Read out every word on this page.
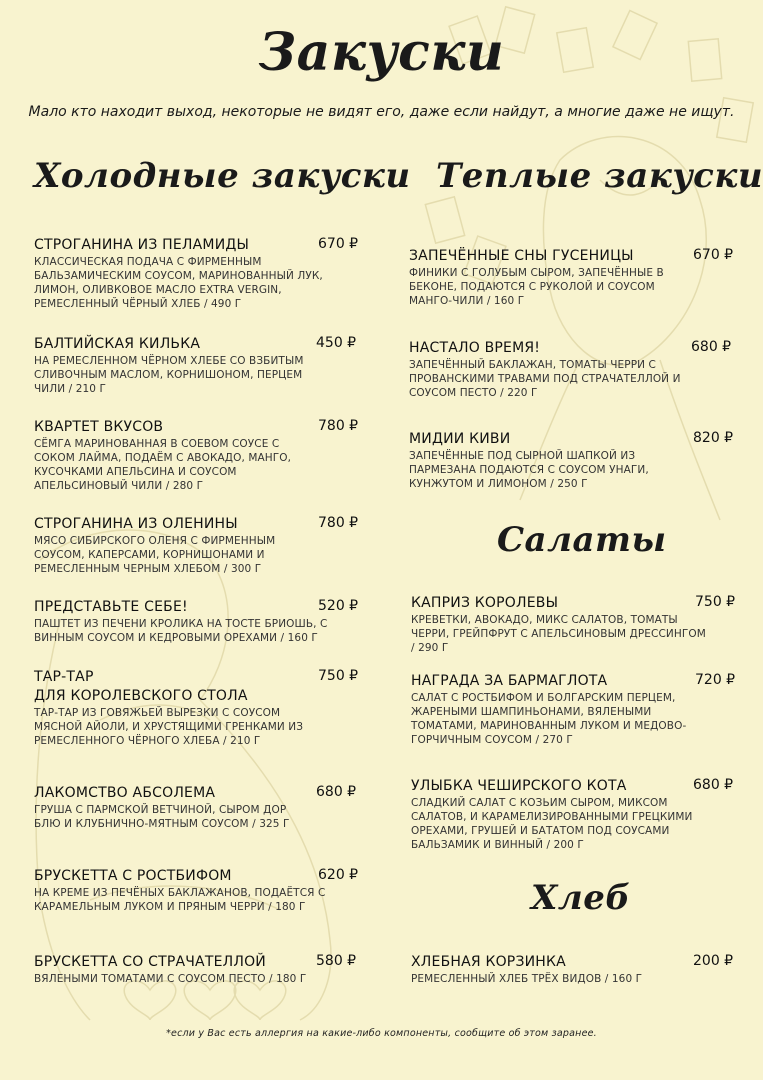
Закуски
Мало кто находит выход, некоторые не видят его, даже если найдут, а многие даже не ищут.
Холодные закуски
СТРОГАНИНА ИЗ ПЕЛАМИДЫ
КЛАССИЧЕСКАЯ ПОДАЧА С ФИРМЕННЫМ БАЛЬЗАМИЧЕСКИМ СОУСОМ, МАРИНОВАННЫЙ ЛУК, ЛИМОН, ОЛИВКОВОЕ МАСЛО EXTRA VERGIN, РЕМЕСЛЕННЫЙ ЧЁРНЫЙ ХЛЕБ / 490 Г
670 ₽
БАЛТИЙСКАЯ КИЛЬКА
НА РЕМЕСЛЕННОМ ЧЁРНОМ ХЛЕБЕ СО ВЗБИТЫМ СЛИВОЧНЫМ МАСЛОМ, КОРНИШОНОМ, ПЕРЦЕМ ЧИЛИ / 210 Г
450 ₽
КВАРТЕТ ВКУСОВ
СЁМГА МАРИНОВАННАЯ В СОЕВОМ СОУСЕ С СОКОМ ЛАЙМА, ПОДАЁМ С АВОКАДО, МАНГО, КУСОЧКАМИ АПЕЛЬСИНА И СОУСОМ АПЕЛЬСИНОВЫЙ ЧИЛИ / 280 Г
780 ₽
СТРОГАНИНА ИЗ ОЛЕНИНЫ
МЯСО СИБИРСКОГО ОЛЕНЯ С ФИРМЕННЫМ СОУСОМ, КАПЕРСАМИ, КОРНИШОНАМИ И РЕМЕСЛЕННЫМ ЧЕРНЫМ ХЛЕБОМ / 300 Г
780 ₽
ПРЕДСТАВЬТЕ СЕБЕ!
ПАШТЕТ ИЗ ПЕЧЕНИ КРОЛИКА НА ТОСТЕ БРИОШЬ, С ВИННЫМ СОУСОМ И КЕДРОВЫМИ ОРЕХАМИ / 160 Г
520 ₽
ТАР-ТАР
ДЛЯ КОРОЛЕВСКОГО СТОЛА
ТАР-ТАР ИЗ ГОВЯЖЬЕЙ ВЫРЕЗКИ С СОУСОМ МЯСНОЙ АЙОЛИ, И ХРУСТЯЩИМИ ГРЕНКАМИ ИЗ РЕМЕСЛЕННОГО ЧЁРНОГО ХЛЕБА / 210 Г
750 ₽
ЛАКОМСТВО АБСОЛЕМА
ГРУША С ПАРМСКОЙ ВЕТЧИНОЙ, СЫРОМ ДОР БЛЮ И КЛУБНИЧНО-МЯТНЫМ СОУСОМ / 325 Г
680 ₽
БРУСКЕТТА С РОСТБИФОМ
НА КРЕМЕ ИЗ ПЕЧЁНЫХ БАКЛАЖАНОВ, ПОДАЁТСЯ С КАРАМЕЛЬНЫМ ЛУКОМ И ПРЯНЫМ ЧЕРРИ / 180 Г
620 ₽
БРУСКЕТТА СО СТРАЧАТЕЛЛОЙ
ВЯЛЕНЫМИ ТОМАТАМИ С СОУСОМ ПЕСТО / 180 Г
580 ₽
Теплые закуски
ЗАПЕЧЁННЫЕ СНЫ ГУСЕНИЦЫ
ФИНИКИ С ГОЛУБЫМ СЫРОМ, ЗАПЕЧЁННЫЕ В БЕКОНЕ, ПОДАЮТСЯ С РУКОЛОЙ И СОУСОМ МАНГО-ЧИЛИ / 160 Г
670 ₽
НАСТАЛО ВРЕМЯ!
ЗАПЕЧЁННЫЙ БАКЛАЖАН, ТОМАТЫ ЧЕРРИ С ПРОВАНСКИМИ ТРАВАМИ ПОД СТРАЧАТЕЛЛОЙ И СОУСОМ ПЕСТО / 220 Г
680 ₽
МИДИИ КИВИ
ЗАПЕЧЁННЫЕ ПОД СЫРНОЙ ШАПКОЙ ИЗ ПАРМЕЗАНА ПОДАЮТСЯ С СОУСОМ УНАГИ, КУНЖУТОМ И ЛИМОНОМ / 250 Г
820 ₽
Салаты
КАПРИЗ КОРОЛЕВЫ
КРЕВЕТКИ, АВОКАДО, МИКС САЛАТОВ, ТОМАТЫ ЧЕРРИ, ГРЕЙПФРУТ С АПЕЛЬСИНОВЫМ ДРЕССИНГОМ / 290 Г
750 ₽
НАГРАДА ЗА БАРМАГЛОТА
САЛАТ С РОСТБИФОМ И БОЛГАРСКИМ ПЕРЦЕМ, ЖАРЕНЫМИ ШАМПИНЬОНАМИ, ВЯЛЕНЫМИ ТОМАТАМИ, МАРИНОВАННЫМ ЛУКОМ И МЕДОВО-ГОРЧИЧНЫМ СОУСОМ / 270 Г
720 ₽
УЛЫБКА ЧЕШИРСКОГО КОТА
СЛАДКИЙ САЛАТ С КОЗЬИМ СЫРОМ, МИКСОМ САЛАТОВ, И КАРАМЕЛИЗИРОВАННЫМИ ГРЕЦКИМИ ОРЕХАМИ, ГРУШЕЙ И БАТАТОМ ПОД СОУСАМИ БАЛЬЗАМИК И ВИННЫЙ / 200 Г
680 ₽
Хлеб
ХЛЕБНАЯ КОРЗИНКА
РЕМЕСЛЕННЫЙ ХЛЕБ ТРЁХ ВИДОВ / 160 Г
200 ₽
*если у Вас есть аллергия на какие-либо компоненты, сообщите об этом заранее.
